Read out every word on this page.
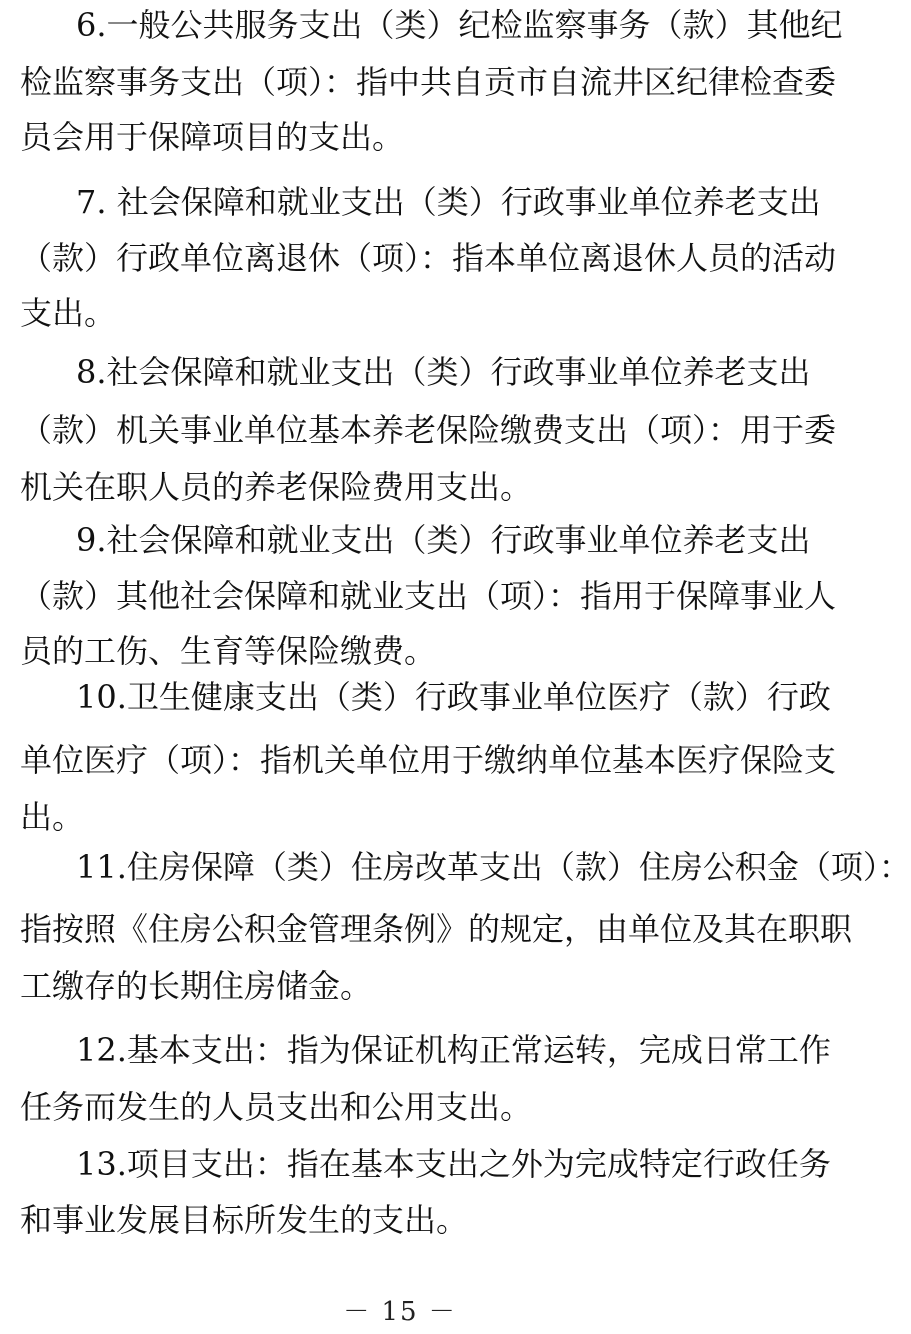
6.一般公共服务支出（类）纪检监察事务（款）其他纪
检监察事务支出（项）：指中共自贡市自流井区纪律检查委
员会用于保障项目的支出。
7. 社会保障和就业支出（类）行政事业单位养老支出
（款）行政单位离退休（项）：指本单位离退休人员的活动
支出。
8.社会保障和就业支出（类）行政事业单位养老支出
（款）机关事业单位基本养老保险缴费支出（项）：用于委
机关在职人员的养老保险费用支出。
9.社会保障和就业支出（类）行政事业单位养老支出
（款）其他社会保障和就业支出（项）：指用于保障事业人
员的工伤、生育等保险缴费。
10.卫生健康支出（类）行政事业单位医疗（款）行政
单位医疗（项）：指机关单位用于缴纳单位基本医疗保险支
出。
11.住房保障（类）住房改革支出（款）住房公积金（项）：
指按照《住房公积金管理条例》的规定，由单位及其在职职
工缴存的长期住房储金。
12.基本支出：指为保证机构正常运转，完成日常工作
任务而发生的人员支出和公用支出。
13.项目支出：指在基本支出之外为完成特定行政任务
和事业发展目标所发生的支出。
－ 15 －
